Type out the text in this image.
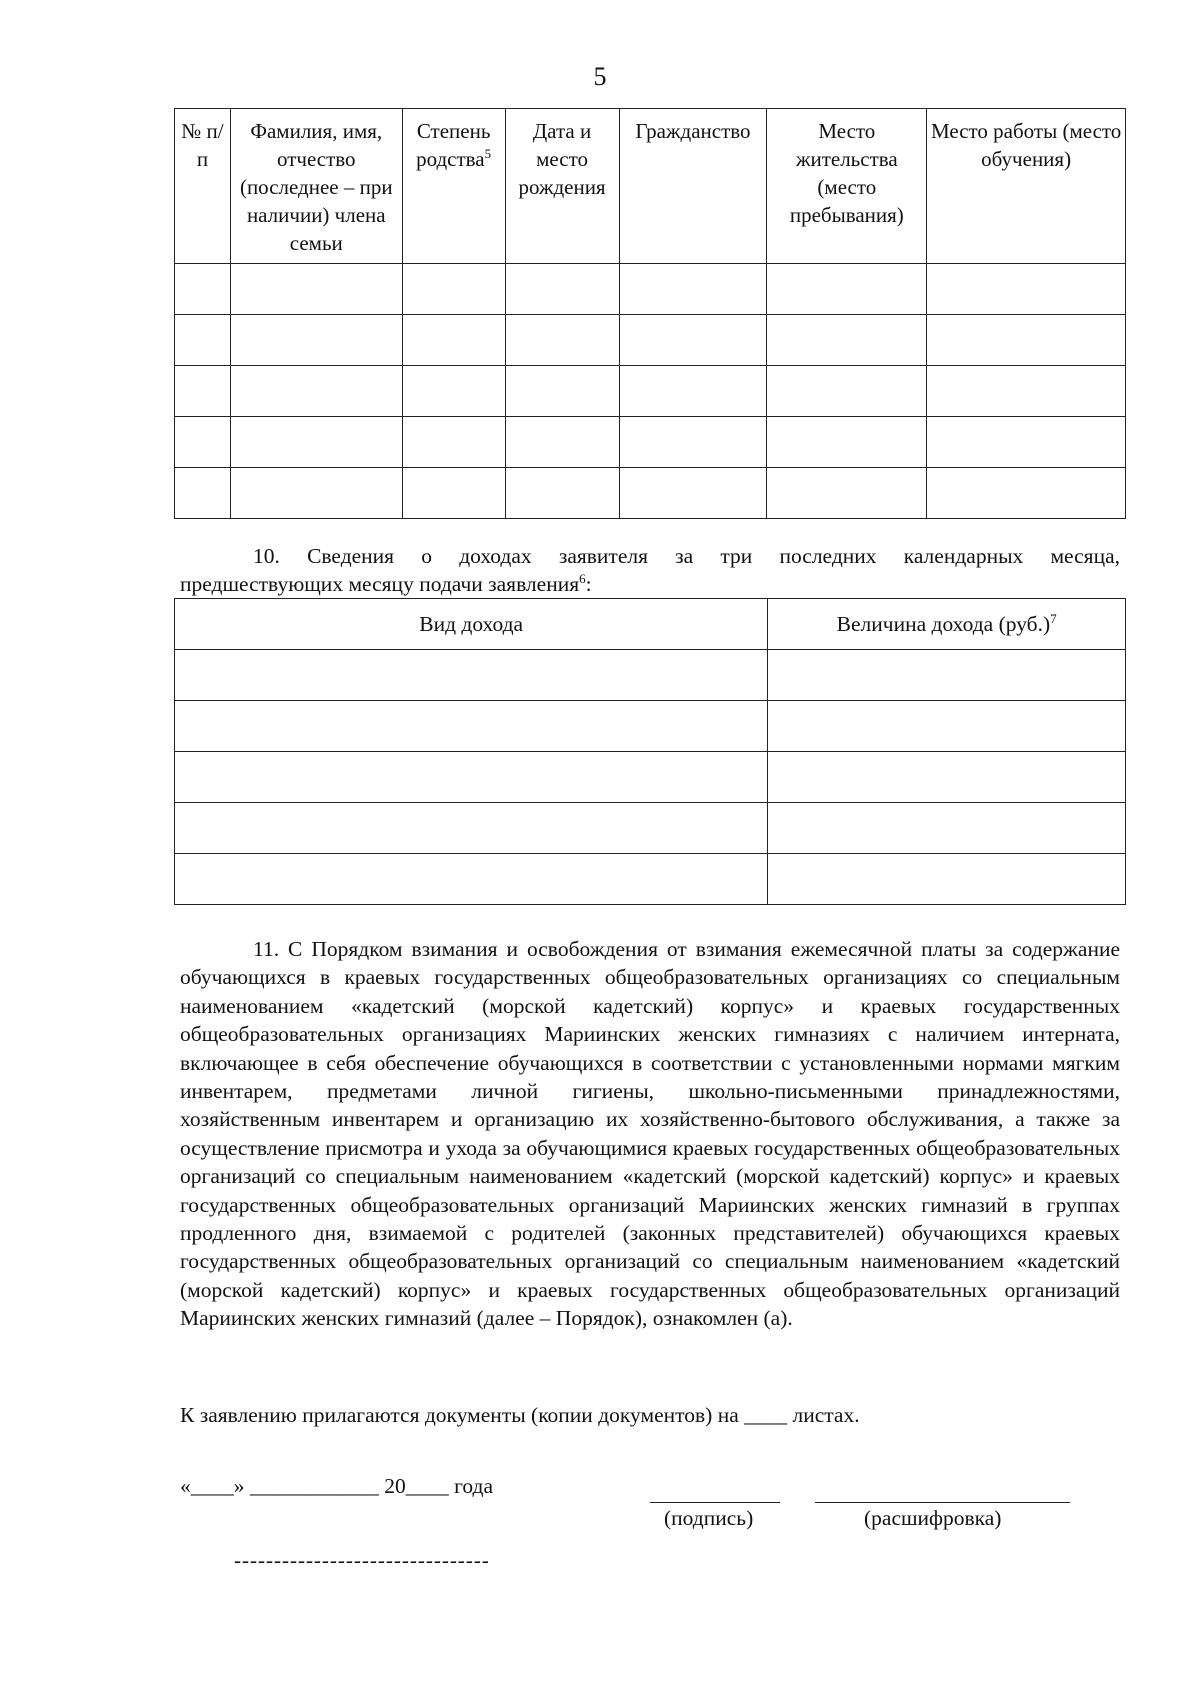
5
№ п/п	Фамилия, имя, отчество (последнее – при наличии) члена семьи	Степень родства$^5$	Дата и место рождения	Гражданство	Место жительства (место пребывания)	Место работы (место обучения)

10. Сведения о доходах заявителя за три последних календарных месяца,
предшествующих месяцу подачи заявления$^6$:
Вид дохода	Величина дохода $(руб.)^7$

11. С Порядком взимания и освобождения от взимания ежемесячной платы за содержание обучающихся в краевых государственных общеобразовательных организациях со специальным наименованием «кадетский (морской кадетский) корпус» и краевых государственных общеобразовательных организациях Мариинских женских гимназиях с наличием интерната, включающее в себя обеспечение обучающихся в соответствии с установленными нормами мягким инвентарем, предметами личной гигиены, школьно-письменными принадлежностями, хозяйственным инвентарем и организацию их хозяйственно-бытового обслуживания, а также за осуществление присмотра и ухода за обучающимися краевых государственных общеобразовательных организаций со специальным наименованием «кадетский (морской кадетский) корпус» и краевых государственных общеобразовательных организаций Мариинских женских гимназий в группах продленного дня, взимаемой с родителей (законных представителей) обучающихся краевых государственных общеобразовательных организаций со специальным наименованием «кадетский (морской кадетский) корпус» и краевых государственных общеобразовательных организаций Мариинских женских гимназий (далее – Порядок), ознакомлен (а).

К заявлению прилагаются документы (копии документов) на ____ листах.
«____» ____________ 20____ года
(подпись)	(расшифровка)
--------------------------------
